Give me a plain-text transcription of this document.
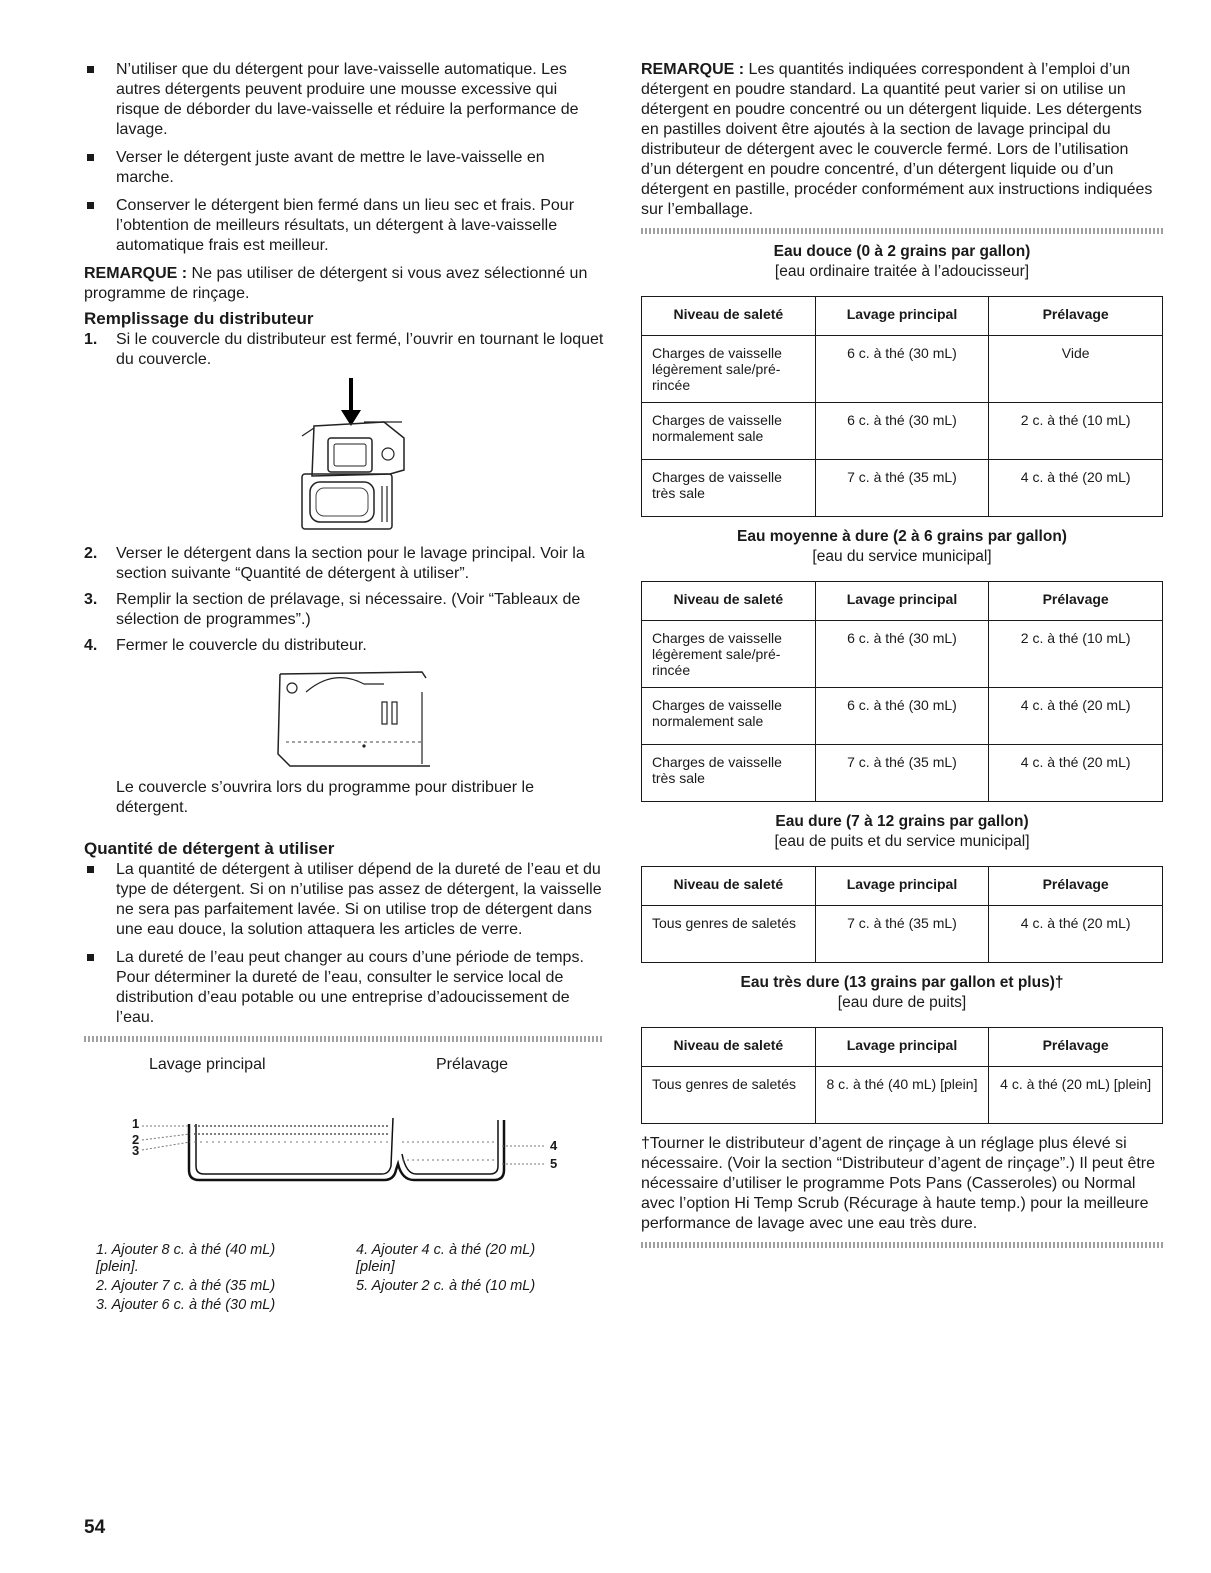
N’utiliser que du détergent pour lave-vaisselle automatique. Les autres détergents peuvent produire une mousse excessive qui risque de déborder du lave-vaisselle et réduire la performance de lavage.
Verser le détergent juste avant de mettre le lave-vaisselle en marche.
Conserver le détergent bien fermé dans un lieu sec et frais. Pour l’obtention de meilleurs résultats, un détergent à lave-vaisselle automatique frais est meilleur.

REMARQUE : Ne pas utiliser de détergent si vous avez sélectionné un programme de rinçage.

Remplissage du distributeur
1. Si le couvercle du distributeur est fermé, l’ouvrir en tournant le loquet du couvercle.
2. Verser le détergent dans la section pour le lavage principal. Voir la section suivante “Quantité de détergent à utiliser”.
3. Remplir la section de prélavage, si nécessaire. (Voir “Tableaux de sélection de programmes”.)
4. Fermer le couvercle du distributeur.

Le couvercle s’ouvrira lors du programme pour distribuer le détergent.

Quantité de détergent à utiliser
La quantité de détergent à utiliser dépend de la dureté de l’eau et du type de détergent. Si on n’utilise pas assez de détergent, la vaisselle ne sera pas parfaitement lavée. Si on utilise trop de détergent dans une eau douce, la solution attaquera les articles de verre.
La dureté de l’eau peut changer au cours d’une période de temps. Pour déterminer la dureté de l’eau, consulter le service local de distribution d’eau potable ou une entreprise d’adoucissement de l’eau.
Lavage principal	Prélavage
1
2
3	4
5
1. Ajouter 8 c. à thé (40 mL) [plein].
2. Ajouter 7 c. à thé (35 mL)
3. Ajouter 6 c. à thé (30 mL)
4. Ajouter 4 c. à thé (20 mL) [plein]
5. Ajouter 2 c. à thé (10 mL)

REMARQUE : Les quantités indiquées correspondent à l’emploi d’un détergent en poudre standard. La quantité peut varier si on utilise un détergent en poudre concentré ou un détergent liquide. Les détergents en pastilles doivent être ajoutés à la section de lavage principal du distributeur de détergent avec le couvercle fermé. Lors de l’utilisation d’un détergent en poudre concentré, d’un détergent liquide ou d’un détergent en pastille, procéder conformément aux instructions indiquées sur l’emballage.

Eau douce (0 à 2 grains par gallon)
[eau ordinaire traitée à l’adoucisseur]
Niveau de saleté	Lavage principal	Prélavage
Charges de vaisselle légèrement sale/pré-rincée	6 c. à thé (30 mL)	Vide
Charges de vaisselle normalement sale	6 c. à thé (30 mL)	2 c. à thé (10 mL)
Charges de vaisselle très sale	7 c. à thé (35 mL)	4 c. à thé (20 mL)
Eau moyenne à dure (2 à 6 grains par gallon)
[eau du service municipal]
Niveau de saleté	Lavage principal	Prélavage
Charges de vaisselle légèrement sale/pré-rincée	6 c. à thé (30 mL)	2 c. à thé (10 mL)
Charges de vaisselle normalement sale	6 c. à thé (30 mL)	4 c. à thé (20 mL)
Charges de vaisselle très sale	7 c. à thé (35 mL)	4 c. à thé (20 mL)
Eau dure (7 à 12 grains par gallon)
[eau de puits et du service municipal]
Niveau de saleté	Lavage principal	Prélavage
Tous genres de saletés	7 c. à thé (35 mL)	4 c. à thé (20 mL)
Eau très dure (13 grains par gallon et plus)†
[eau dure de puits]
Niveau de saleté	Lavage principal	Prélavage
Tous genres de saletés	8 c. à thé (40 mL) [plein]	4 c. à thé (20 mL) [plein]

†Tourner le distributeur d’agent de rinçage à un réglage plus élevé si nécessaire. (Voir la section “Distributeur d’agent de rinçage”.) Il peut être nécessaire d’utiliser le programme Pots Pans (Casseroles) ou Normal avec l’option Hi Temp Scrub (Récurage à haute temp.) pour la meilleure performance de lavage avec une eau très dure.

54
